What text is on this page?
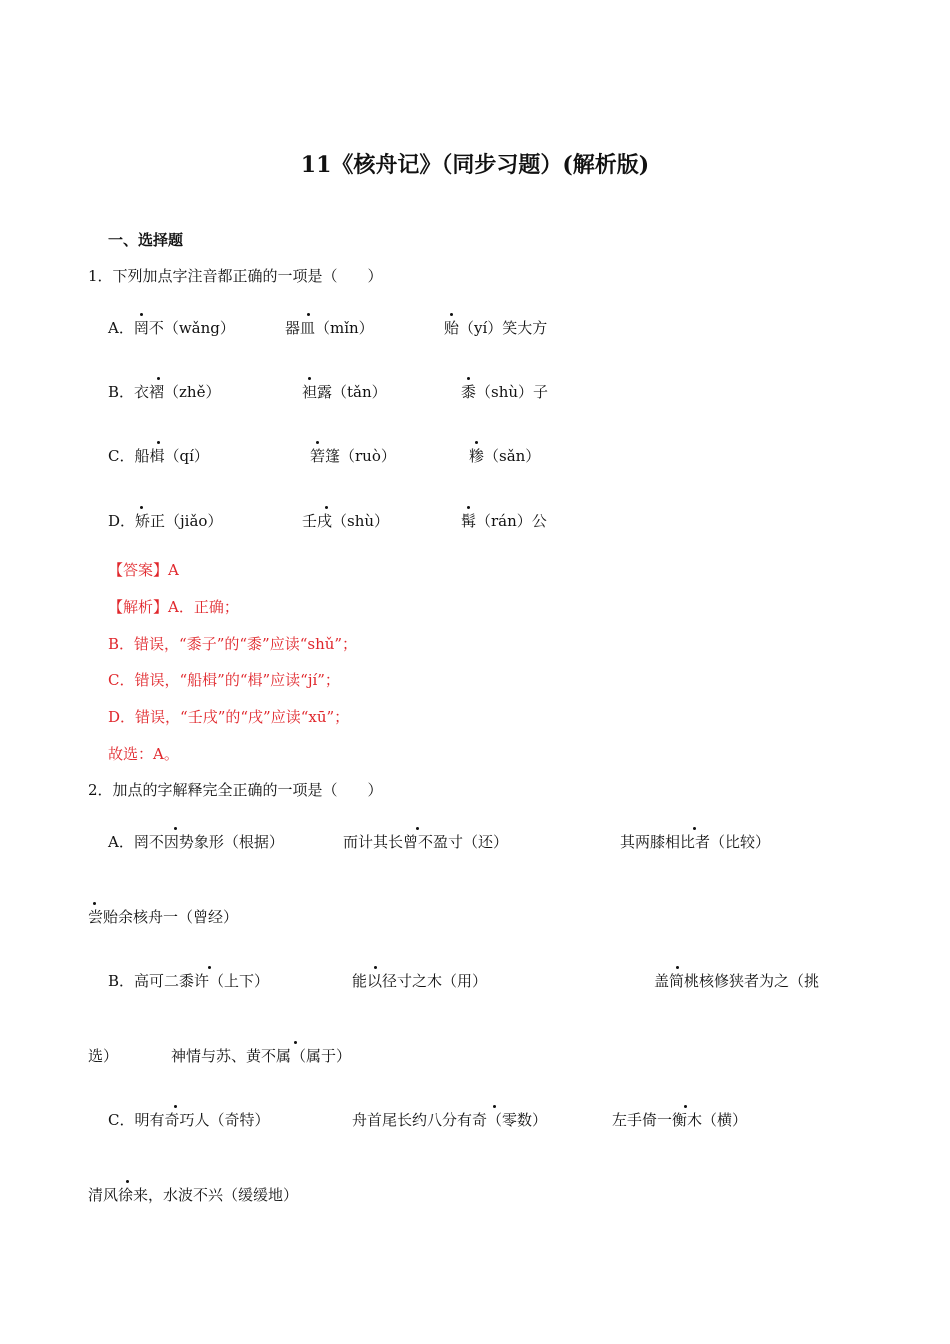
11《核舟记》（同步习题）(解析版)
一、选择题
1．下列加点字注音都正确的一项是（　　）
A．罔不（wǎng）	器皿（mǐn）	贻（yí）笑大方
B．衣褶（zhě）	袒露（tǎn）	黍（shù）子
C．船楫（qí）	箬篷（ruò）	糁（sǎn）
D．矫正（jiǎo）	壬戌（shù）	髯（rán）公
【答案】A
【解析】A．正确；
B．错误，“黍子”的“黍”应读“shǔ”；
C．错误，“船楫”的“楫”应读“jí”；
D．错误，“壬戌”的“戌”应读“xū”；
故选：A。
2．加点的字解释完全正确的一项是（　　）
A．罔不因势象形（根据）	而计其长曾不盈寸（还）	其两膝相比者（比较）
尝贻余核舟一（曾经）
B．高可二黍许（上下）	能以径寸之木（用）	盖简桃核修狭者为之（挑
选）	神情与苏、黄不属（属于）
C．明有奇巧人（奇特）	舟首尾长约八分有奇（零数）	左手倚一衡木（横）
清风徐来，水波不兴（缓缓地）
